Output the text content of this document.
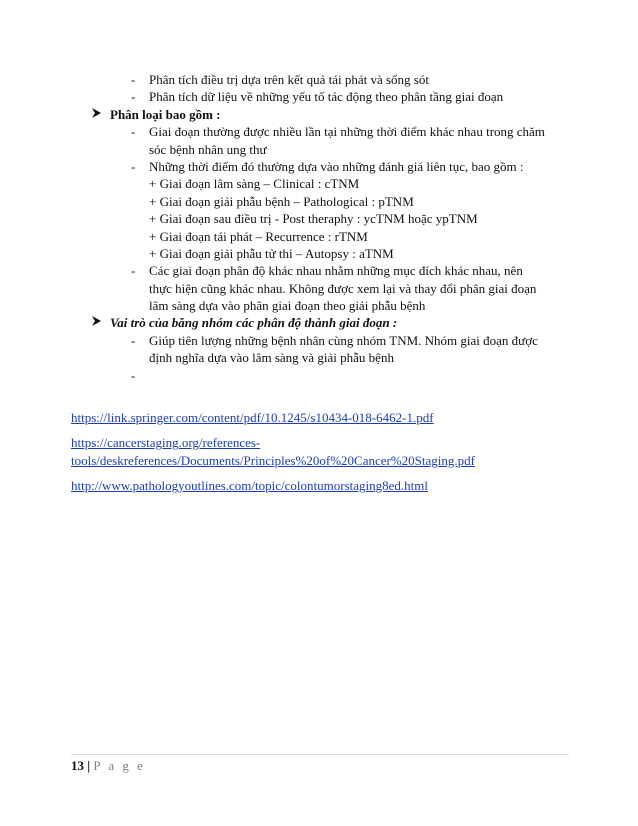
- Phân tích điều trị dựa trên kết quả tái phát và sống sót
- Phân tích dữ liệu về những yếu tố tác động theo phân tầng giai đoạn
Phân loại bao gồm :
- Giai đoạn thường được nhiều lần tại những thời điểm khác nhau trong chăm
sóc bệnh nhân ung thư
- Những thời điểm đó thường dựa vào những đánh giá liên tục, bao gồm :
+ Giai đoạn lâm sàng – Clinical : cTNM
+ Giai đoạn giải phẫu bệnh – Pathological : pTNM
+ Giai đoạn sau điều trị - Post theraphy : ycTNM hoặc ypTNM
+ Giai đoạn tái phát – Recurrence : rTNM
+ Giai đoạn giải phẫu tử thi – Autopsy : aTNM
- Các giai đoạn phân độ khác nhau nhằm những mục đích khác nhau, nên
thực hiện cũng khác nhau. Không được xem lại và thay đổi phân giai đoạn
lâm sàng dựa vào phân giai đoạn theo giải phẫu bệnh
Vai trò của băng nhóm các phân độ thành giai đoạn :
- Giúp tiên lượng những bệnh nhân cùng nhóm TNM. Nhóm giai đoạn được
định nghĩa dựa vào lâm sàng và giải phẫu bệnh
-
https://link.springer.com/content/pdf/10.1245/s10434-018-6462-1.pdf
https://cancerstaging.org/references-
tools/deskreferences/Documents/Principles%20of%20Cancer%20Staging.pdf
http://www.pathologyoutlines.com/topic/colontumorstaging8ed.html
13 | P a g e
